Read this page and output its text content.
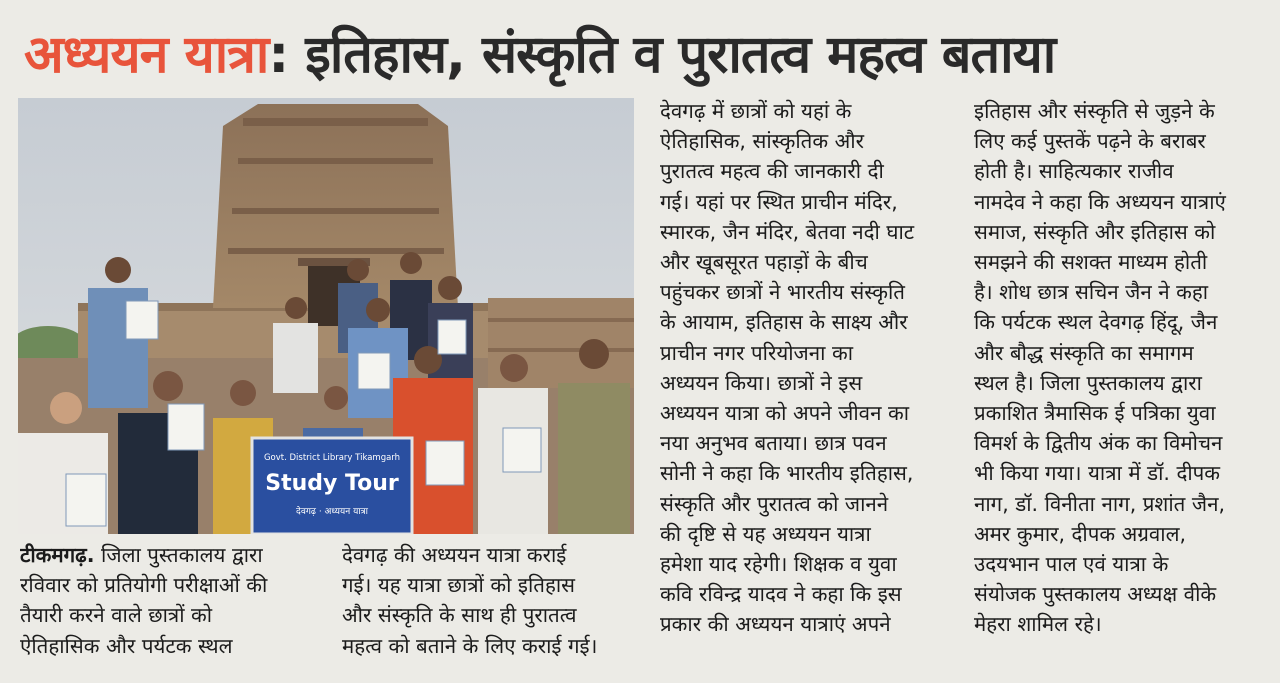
अध्ययन यात्रा: इतिहास, संस्कृति व पुरातत्व महत्व बताया
Govt. District Library Tikamgarh
Study Tour
देवगढ़ · अध्ययन यात्रा

टीकमगढ़. जिला पुस्तकालय द्वारा

रविवार को प्रतियोगी परीक्षाओं की

तैयारी करने वाले छात्रों को

ऐतिहासिक और पर्यटक स्थल

देवगढ़ की अध्ययन यात्रा कराई

गई। यह यात्रा छात्रों को इतिहास

और संस्कृति के साथ ही पुरातत्व

महत्व को बताने के लिए कराई गई।

देवगढ़ में छात्रों को यहां के

ऐतिहासिक, सांस्कृतिक और

पुरातत्व महत्व की जानकारी दी

गई। यहां पर स्थित प्राचीन मंदिर,

स्मारक, जैन मंदिर, बेतवा नदी घाट

और खूबसूरत पहाड़ों के बीच

पहुंचकर छात्रों ने भारतीय संस्कृति

के आयाम, इतिहास के साक्ष्य और

प्राचीन नगर परियोजना का

अध्ययन किया। छात्रों ने इस

अध्ययन यात्रा को अपने जीवन का

नया अनुभव बताया। छात्र पवन

सोनी ने कहा कि भारतीय इतिहास,

संस्कृति और पुरातत्व को जानने

की दृष्टि से यह अध्ययन यात्रा

हमेशा याद रहेगी। शिक्षक व युवा

कवि रविन्द्र यादव ने कहा कि इस

प्रकार की अध्ययन यात्राएं अपने

इतिहास और संस्कृति से जुड़ने के

लिए कई पुस्तकें पढ़ने के बराबर

होती है। साहित्यकार राजीव

नामदेव ने कहा कि अध्ययन यात्राएं

समाज, संस्कृति और इतिहास को

समझने की सशक्त माध्यम होती

है। शोध छात्र सचिन जैन ने कहा

कि पर्यटक स्थल देवगढ़ हिंदू, जैन

और बौद्ध संस्कृति का समागम

स्थल है। जिला पुस्तकालय द्वारा

प्रकाशित त्रैमासिक ई पत्रिका युवा

विमर्श के द्वितीय अंक का विमोचन

भी किया गया। यात्रा में डॉ. दीपक

नाग, डॉ. विनीता नाग, प्रशांत जैन,

अमर कुमार, दीपक अग्रवाल,

उदयभान पाल एवं यात्रा के

संयोजक पुस्तकालय अध्यक्ष वीके

मेहरा शामिल रहे।
